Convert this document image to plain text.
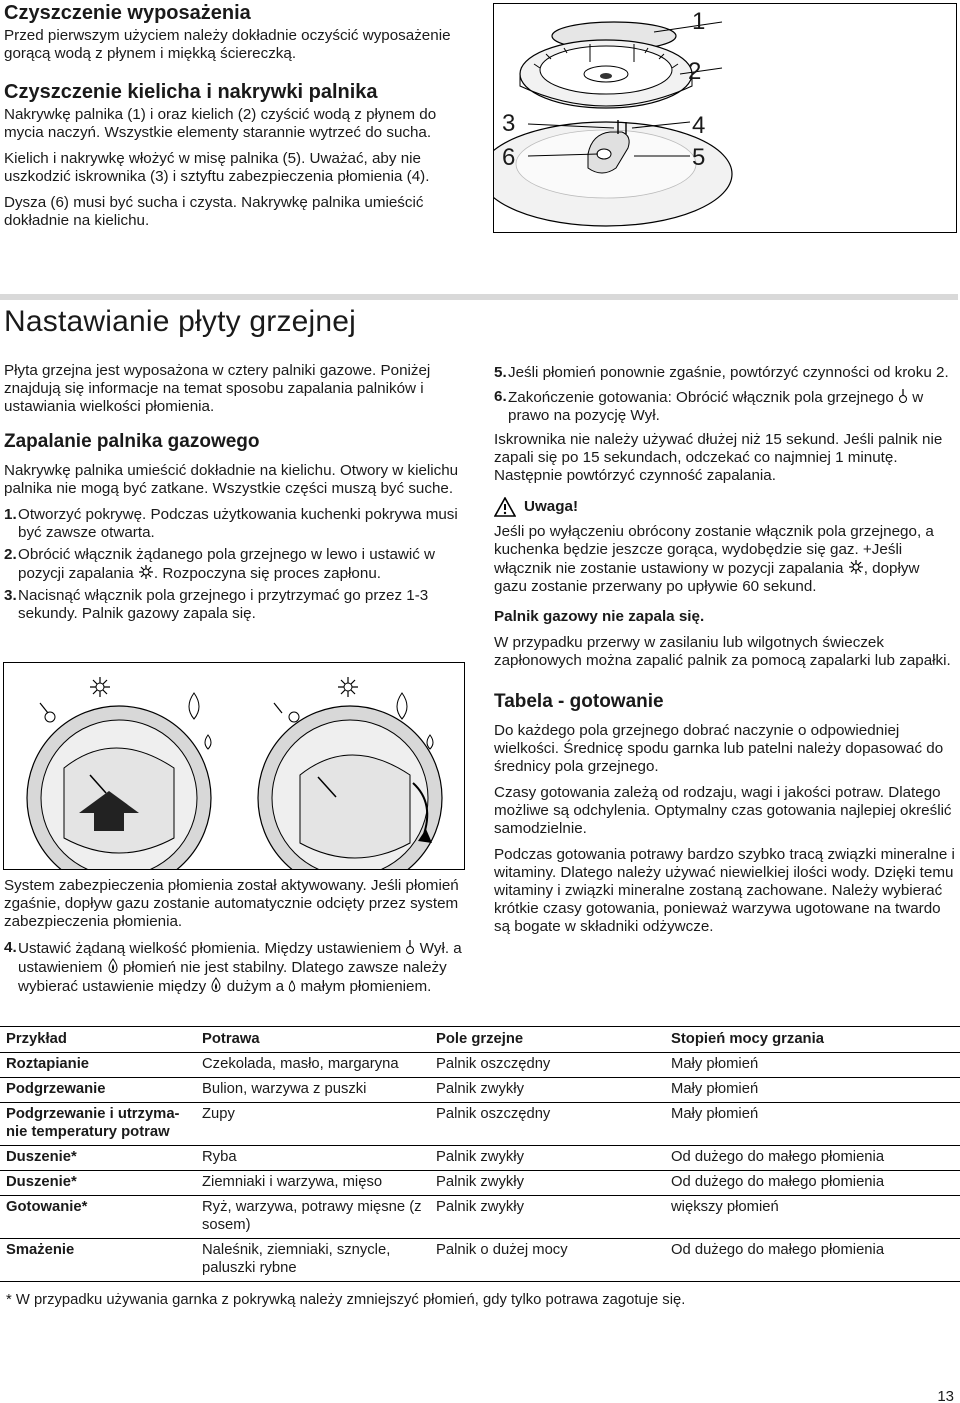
Czyszczenie wyposażenia

Przed pierwszym użyciem należy dokładnie oczyścić wyposażenie gorącą wodą z płynem i miękką ściereczką.

Czyszczenie kielicha i nakrywki palnika

Nakrywkę palnika (1) i oraz kielich (2) czyścić wodą z płynem do mycia naczyń. Wszystkie elementy starannie wytrzeć do sucha.

Kielich i nakrywkę włożyć w misę palnika (5). Uważać, aby nie uszkodzić iskrownika (3) i sztyftu zabezpieczenia płomienia (4).

Dysza (6) musi być sucha i czysta. Nakrywkę palnika umieścić dokładnie na kielichu.

1
2
3	4
6	5
Nastawianie płyty grzejnej

Płyta grzejna jest wyposażona w cztery palniki gazowe. Poniżej znajdują się informacje na temat sposobu zapalania palników i ustawiania wielkości płomienia.

Zapalanie palnika gazowego

Nakrywkę palnika umieścić dokładnie na kielichu. Otwory w kielichu palnika nie mogą być zatkane. Wszystkie części muszą być suche.

1. Otworzyć pokrywę. Podczas użytkowania kuchenki pokrywa musi być zawsze otwarta.
2. Obrócić włącznik żądanego pola grzejnego w lewo i ustawić w pozycji zapalania . Rozpoczyna się proces zapłonu.
3. Nacisnąć włącznik pola grzejnego i przytrzymać go przez 1-3 sekundy. Palnik gazowy zapala się.

System zabezpieczenia płomienia został aktywowany. Jeśli płomień zgaśnie, dopływ gazu zostanie automatycznie odcięty przez system zabezpieczenia płomienia.

4. Ustawić żądaną wielkość płomienia. Między ustawieniem  Wył. a ustawieniem  płomień nie jest stabilny. Dlatego zawsze należy wybierać ustawienie między  dużym a  małym płomieniem.
5. Jeśli płomień ponownie zgaśnie, powtórzyć czynności od kroku 2.
6. Zakończenie gotowania: Obrócić włącznik pola grzejnego  w prawo na pozycję Wył.

Iskrownika nie należy używać dłużej niż 15 sekund. Jeśli palnik nie zapali się po 15 sekundach, odczekać co najmniej 1 minutę. Następnie powtórzyć czynność zapalania.

Uwaga!

Jeśli po wyłączeniu obrócony zostanie włącznik pola grzejnego, a kuchenka będzie jeszcze gorąca, wydobędzie się gaz. +Jeśli włącznik nie zostanie ustawiony w pozycji zapalania , dopływ gazu zostanie przerwany po upływie 60 sekund.

Palnik gazowy nie zapala się.

W przypadku przerwy w zasilaniu lub wilgotnych świeczek zapłonowych można zapalić palnik za pomocą zapalarki lub zapałki.

Tabela - gotowanie

Do każdego pola grzejnego dobrać naczynie o odpowiedniej wielkości. Średnicę spodu garnka lub patelni należy dopasować do średnicy pola grzejnego.

Czasy gotowania zależą od rodzaju, wagi i jakości potraw. Dlatego możliwe są odchylenia. Optymalny czas gotowania najlepiej określić samodzielnie.

Podczas gotowania potrawy bardzo szybko tracą związki mineralne i witaminy. Dlatego należy używać niewielkiej ilości wody. Dzięki temu witaminy i związki mineralne zostaną zachowane. Należy wybierać krótkie czasy gotowania, ponieważ warzywa ugotowane na twardo są bogate w składniki odżywcze.

Przykład	Potrawa	Pole grzejne	Stopień mocy grzania
Roztapianie	Czekolada, masło, margaryna	Palnik oszczędny	Mały płomień
Podgrzewanie	Bulion, warzywa z puszki	Palnik zwykły	Mały płomień
Podgrzewanie i utrzyma-nie temperatury potraw	Zupy	Palnik oszczędny	Mały płomień
Duszenie*	Ryba	Palnik zwykły	Od dużego do małego płomienia
Duszenie*	Ziemniaki i warzywa, mięso	Palnik zwykły	Od dużego do małego płomienia
Gotowanie*	Ryż, warzywa, potrawy mięsne (z sosem)	Palnik zwykły	większy płomień
Smażenie	Naleśnik, ziemniaki, sznycle, paluszki rybne	Palnik o dużej mocy	Od dużego do małego płomienia
* W przypadku używania garnka z pokrywką należy zmniejszyć płomień, gdy tylko potrawa zagotuje się.
13
